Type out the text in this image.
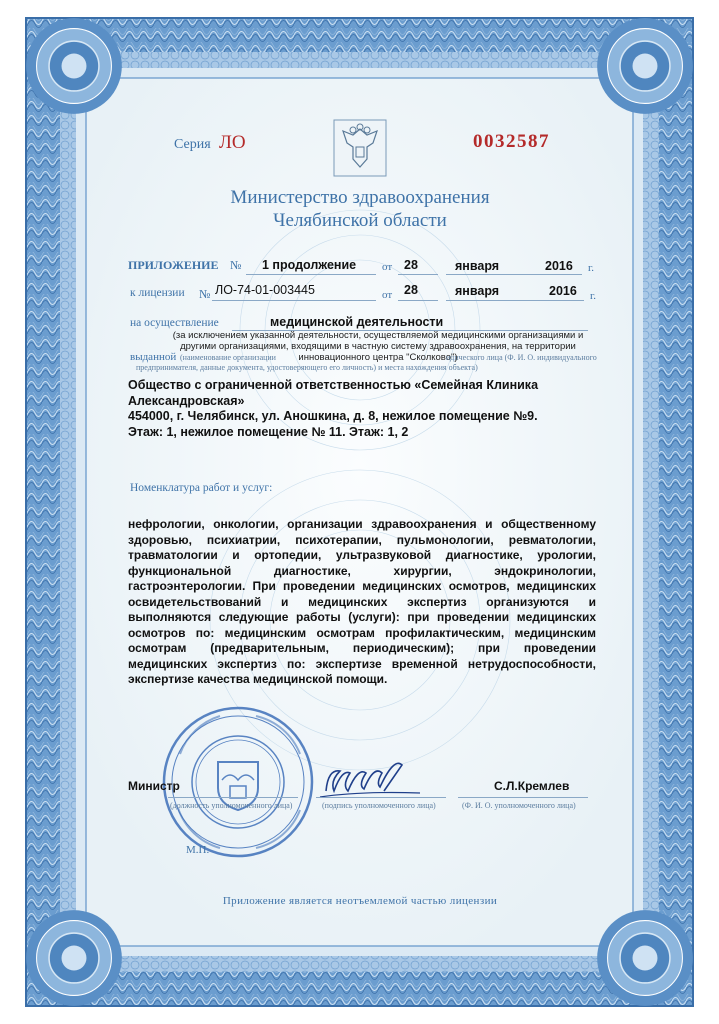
Серия ЛО	0032587
Министерство здравоохранения
Челябинской области
ПРИЛОЖЕНИЕ № 1 продолжение от 28	января	2016 г.
к лицензии № ЛО-74-01-003445	от 28	января	2016 г.
на осуществление	медицинской деятельности
(за исключением указанной деятельности, осуществляемой медицинскими организациями и другими организациями, входящими в частную систему здравоохранения, на территории инновационного центра "Сколково")
выданной (наименование организации	идического лица (Ф. И. О. индивидуального
предпринимателя, данные документа, удостоверяющего его личность) и места нахождения объекта)
Общество с ограниченной ответственностью «Семейная Клиника
Александровская»
454000, г. Челябинск, ул. Аношкина, д. 8, нежилое помещение №9.
Этаж: 1, нежилое помещение № 11. Этаж: 1, 2
Номенклатура работ и услуг:
нефрологии, онкологии, организации здравоохранения и общественному здоровью, психиатрии, психотерапии, пульмонологии, ревматологии, травматологии и ортопедии, ультразвуковой диагностике, урологии, функциональной диагностике, хирургии, эндокринологии, гастроэнтерологии. При проведении медицинских осмотров, медицинских освидетельствований и медицинских экспертиз организуются и выполняются следующие работы (услуги): при проведении медицинских осмотров по: медицинским осмотрам профилактическим, медицинским осмотрам (предварительным, периодическим); при проведении медицинских экспертиз по: экспертизе временной нетрудоспособности, экспертизе качества медицинской помощи.
Министр
(должность уполномоченного лица)	(подпись уполномоченного лица)
С.Л.Кремлев
(Ф. И. О. уполномоченного лица)
М.П.
Приложение является неотъемлемой частью лицензии
